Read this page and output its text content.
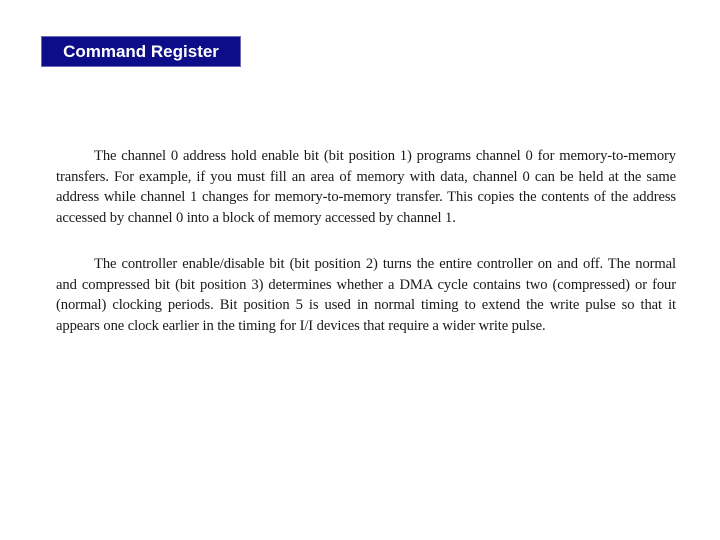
Command Register

The channel 0 address hold enable bit (bit position 1) programs channel 0 for memory-to-memory transfers. For example, if you must fill an area of memory with data, channel 0 can be held at the same address while channel 1 changes for memory-to-memory transfer. This copies the contents of the address accessed by channel 0 into a block of memory accessed by channel 1.

The controller enable/disable bit (bit position 2) turns the entire controller on and off. The normal and compressed bit (bit position 3) determines whether a DMA cycle contains two (compressed) or four (normal) clocking periods. Bit position 5 is used in normal timing to extend the write pulse so that it appears one clock earlier in the timing for I/I devices that require a wider write pulse.
